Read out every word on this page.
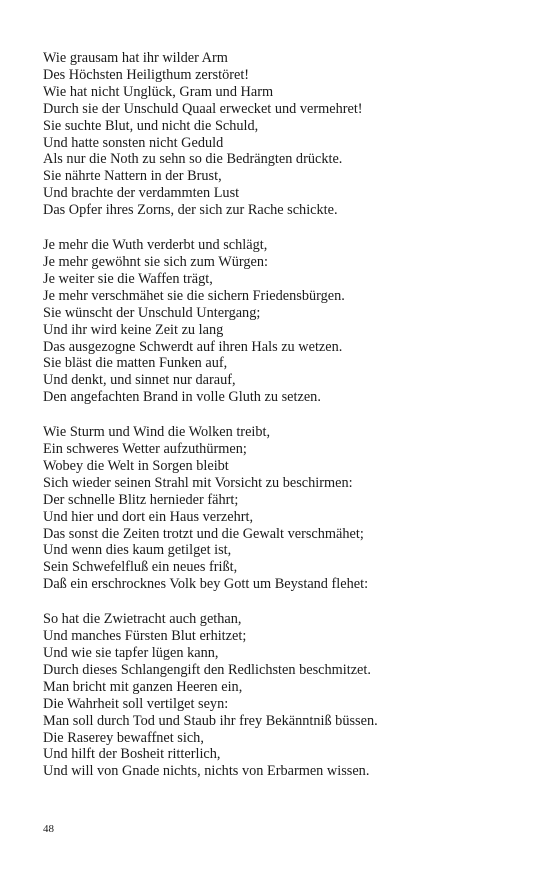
Wie grausam hat ihr wilder Arm
Des Höchsten Heiligthum zerstöret!
Wie hat nicht Unglück, Gram und Harm
Durch sie der Unschuld Quaal erwecket und vermehret!
Sie suchte Blut, und nicht die Schuld,
Und hatte sonsten nicht Geduld
Als nur die Noth zu sehn so die Bedrängten drückte.
Sie nährte Nattern in der Brust,
Und brachte der verdammten Lust
Das Opfer ihres Zorns, der sich zur Rache schickte.
Je mehr die Wuth verderbt und schlägt,
Je mehr gewöhnt sie sich zum Würgen:
Je weiter sie die Waffen trägt,
Je mehr verschmähet sie die sichern Friedensbürgen.
Sie wünscht der Unschuld Untergang;
Und ihr wird keine Zeit zu lang
Das ausgezogne Schwerdt auf ihren Hals zu wetzen.
Sie bläst die matten Funken auf,
Und denkt, und sinnet nur darauf,
Den angefachten Brand in volle Gluth zu setzen.
Wie Sturm und Wind die Wolken treibt,
Ein schweres Wetter aufzuthürmen;
Wobey die Welt in Sorgen bleibt
Sich wieder seinen Strahl mit Vorsicht zu beschirmen:
Der schnelle Blitz hernieder fährt;
Und hier und dort ein Haus verzehrt,
Das sonst die Zeiten trotzt und die Gewalt verschmähet;
Und wenn dies kaum getilget ist,
Sein Schwefelfluß ein neues frißt,
Daß ein erschrocknes Volk bey Gott um Beystand flehet:
So hat die Zwietracht auch gethan,
Und manches Fürsten Blut erhitzet;
Und wie sie tapfer lügen kann,
Durch dieses Schlangengift den Redlichsten beschmitzet.
Man bricht mit ganzen Heeren ein,
Die Wahrheit soll vertilget seyn:
Man soll durch Tod und Staub ihr frey Bekänntniß büssen.
Die Raserey bewaffnet sich,
Und hilft der Bosheit ritterlich,
Und will von Gnade nichts, nichts von Erbarmen wissen.
48
